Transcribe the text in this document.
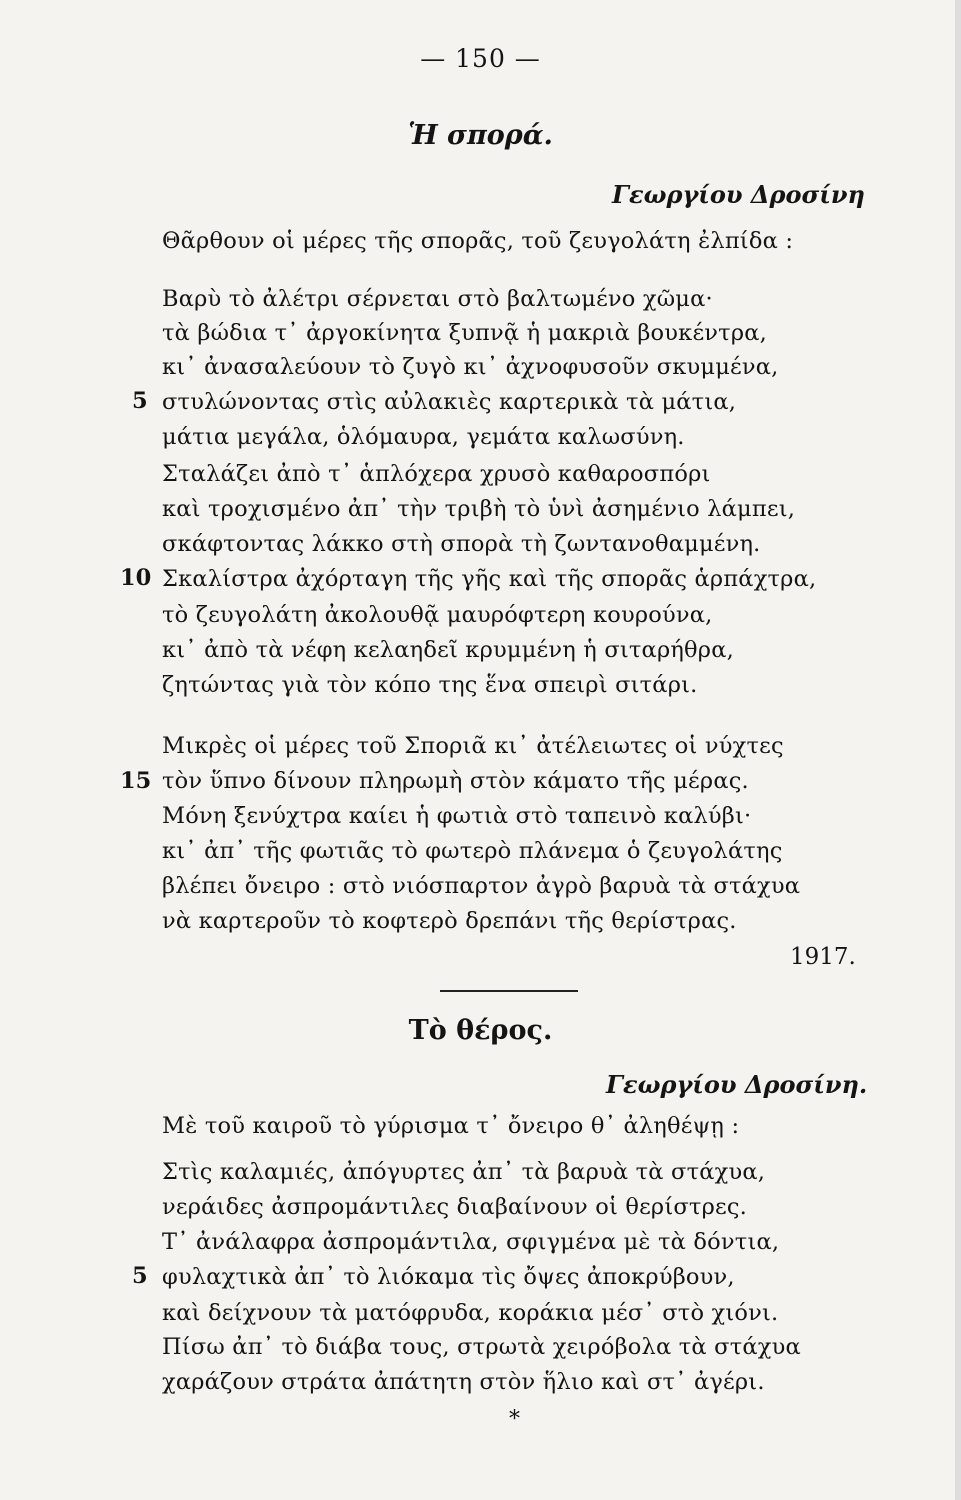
— 150 —
Ἡ σπορά.
Γεωργίου Δροσίνη
Θᾶρθουν οἱ μέρες τῆς σπορᾶς, τοῦ ζευγολάτη ἐλπίδα :
Βαρὺ τὸ ἀλέτρι σέρνεται στὸ βαλτωμένο χῶμα·
τὰ βώδια τ᾽ ἀργοκίνητα ξυπνᾷ ἡ μακριὰ βουκέντρα,
κι᾽ ἀνασαλεύουν τὸ ζυγὸ κι᾽ ἀχνοφυσοῦν σκυμμένα,
5 στυλώνοντας στὶς αὐλακιὲς καρτερικὰ τὰ μάτια,
μάτια μεγάλα, ὁλόμαυρα, γεμάτα καλωσύνη.
Σταλάζει ἀπὸ τ᾽ ἁπλόχερα χρυσὸ καθαροσπόρι
καὶ τροχισμένο ἀπ᾽ τὴν τριβὴ τὸ ὑνὶ ἀσημένιο λάμπει,
σκάφτοντας λάκκο στὴ σπορὰ τὴ ζωντανοθαμμένη.
10 Σκαλίστρα ἀχόρταγη τῆς γῆς καὶ τῆς σπορᾶς ἁρπάχτρα,
τὸ ζευγολάτη ἀκολουθᾷ μαυρόφτερη κουρούνα,
κι᾽ ἀπὸ τὰ νέφη κελαηδεῖ κρυμμένη ἡ σιταρήθρα,
ζητώντας γιὰ τὸν κόπο της ἕνα σπειρὶ σιτάρι.
Μικρὲς οἱ μέρες τοῦ Σποριᾶ κι᾽ ἀτέλειωτες οἱ νύχτες
15 τὸν ὕπνο δίνουν πληρωμὴ στὸν κάματο τῆς μέρας.
Μόνη ξενύχτρα καίει ἡ φωτιὰ στὸ ταπεινὸ καλύβι·
κι᾽ ἀπ᾽ τῆς φωτιᾶς τὸ φωτερὸ πλάνεμα ὁ ζευγολάτης
βλέπει ὄνειρο : στὸ νιόσπαρτον ἀγρὸ βαρυὰ τὰ στάχυα
νὰ καρτεροῦν τὸ κοφτερὸ δρεπάνι τῆς θερίστρας.
1917.
Τὸ θέρος.
Γεωργίου Δροσίνη.
Μὲ τοῦ καιροῦ τὸ γύρισμα τ᾽ ὄνειρο θ᾽ ἀληθέψῃ :
Στὶς καλαμιές, ἀπόγυρτες ἀπ᾽ τὰ βαρυὰ τὰ στάχυα,
νεράιδες ἀσπρομάντιλες διαβαίνουν οἱ θερίστρες.
Τ᾽ ἀνάλαφρα ἀσπρομάντιλα, σφιγμένα μὲ τὰ δόντια,
5 φυλαχτικὰ ἀπ᾽ τὸ λιόκαμα τὶς ὄψες ἀποκρύβουν,
καὶ δείχνουν τὰ ματόφρυδα, κοράκια μέσ᾽ στὸ χιόνι.
Πίσω ἀπ᾽ τὸ διάβα τους, στρωτὰ χειρόβολα τὰ στάχυα
χαράζουν στράτα ἀπάτητη στὸν ἥλιο καὶ στ᾽ ἀγέρι.
*
